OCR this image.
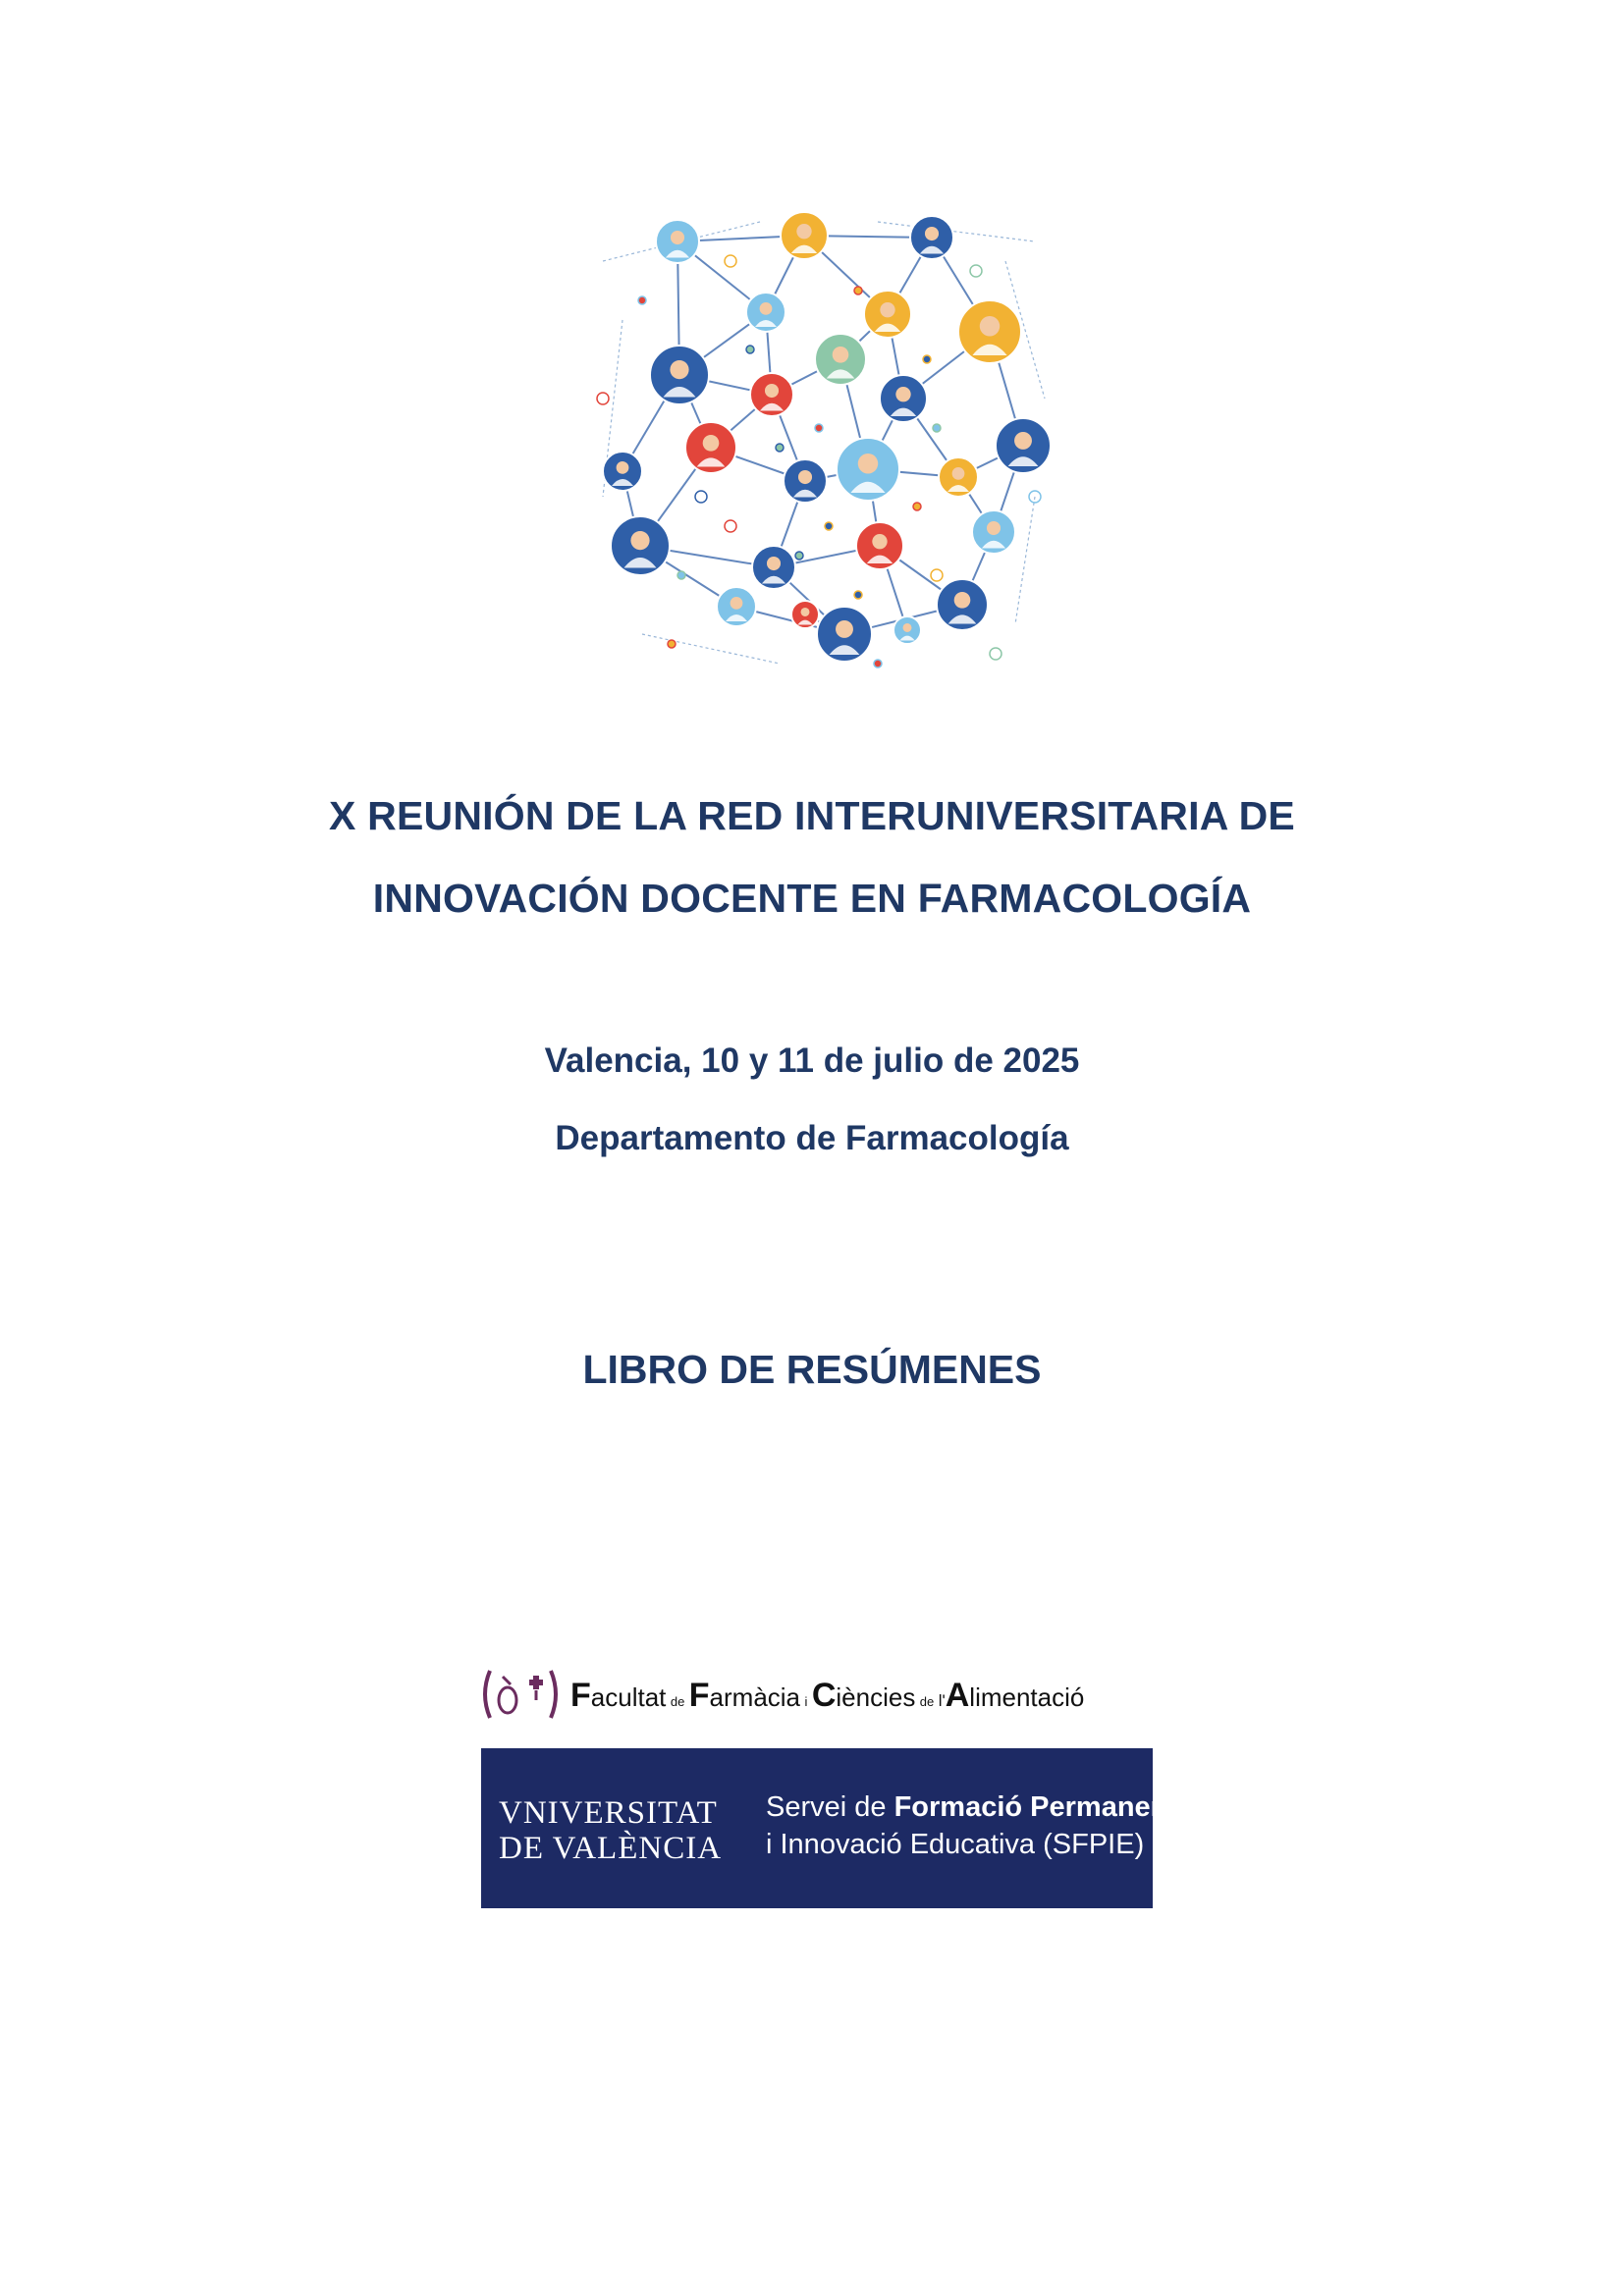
X REUNIÓN DE LA RED INTERUNIVERSITARIA DE
INNOVACIÓN DOCENTE EN FARMACOLOGÍA
Valencia, 10 y 11 de julio de 2025
Departamento de Farmacología
LIBRO DE RESÚMENES
Facultat de Farmàcia i Ciències de l'Alimentació
VNIVERSITAT
DE VALÈNCIA
Servei de Formació Permanent
i Innovació Educativa (SFPIE)
